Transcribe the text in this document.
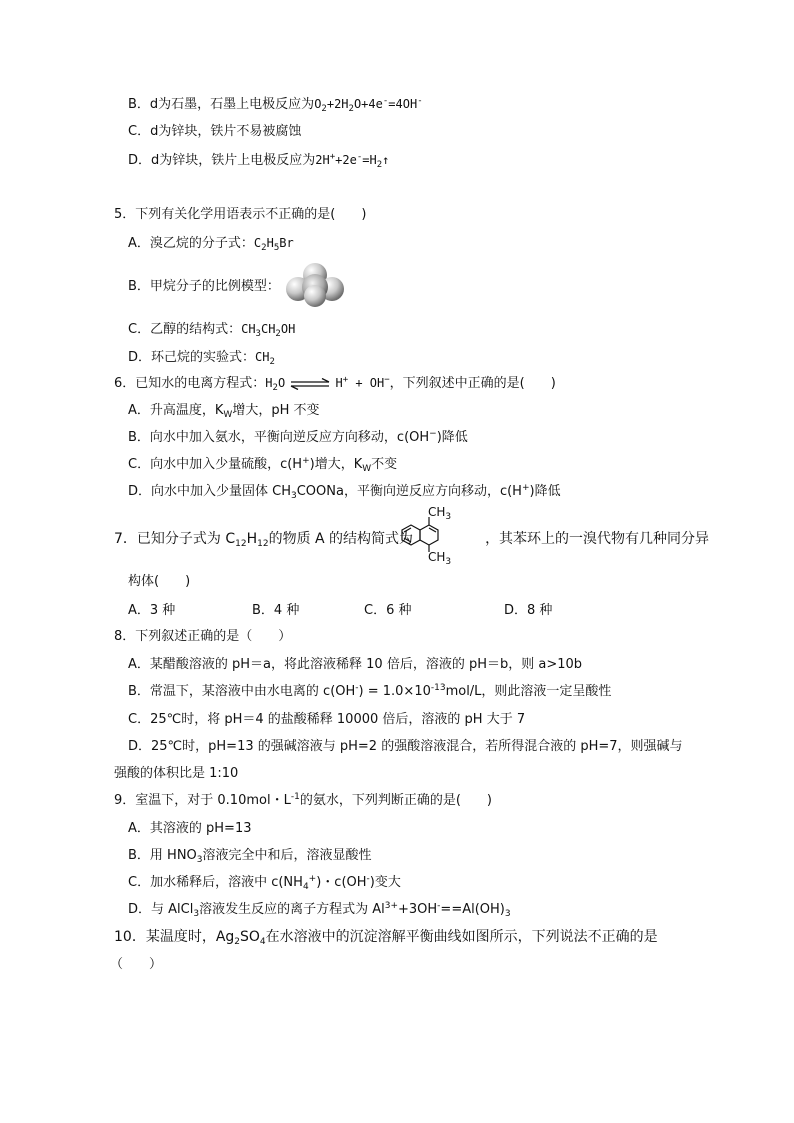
B．d为石墨，石墨上电极反应为$O_2+2H_2O+4e^-=4OH^-$
C．d为锌块，铁片不易被腐蚀
D．d为锌块，铁片上电极反应为$2H^++2e^-=H_2↑$
5．下列有关化学用语表示不正确的是(　　)
A．溴乙烷的分子式：$C_2H_5Br$
B．甲烷分子的比例模型：
C．乙醇的结构式：$CH_3CH_2OH$
D．环己烷的实验式：$CH_2$
6．已知水的电离方程式：$H_2O$ ⇌ H+ + OH−，下列叙述中正确的是(　　)
A．升高温度，$K_W$增大，pH 不变
B．向水中加入氨水，平衡向逆反应方向移动，c(OH−)降低
C．向水中加入少量硫酸，c(H+)增大，$K_W$不变
D．向水中加入少量固体 $CH_3COONa$，平衡向逆反应方向移动，c(H+)降低
7．已知分子式为 $C_{12}H_{12}$的物质 A 的结构简式为	，其苯环上的一溴代物有几种同分异
$CH_3$
$CH_3$
构体(　　)
A．3 种	B．4 种	C．6 种	D．8 种
8．下列叙述正确的是（　　）
A．某醋酸溶液的 pH＝a，将此溶液稀释 10 倍后，溶液的 pH＝b，则 a>10b
B．常温下，某溶液中由水电离的 $c(OH^-) = 1.0\times 10^{-13}mol/L$，则此溶液一定呈酸性
C．25℃时，将 pH＝4 的盐酸稀释 10000 倍后，溶液的 pH 大于 7
D．25℃时，pH=13 的强碱溶液与 pH=2 的强酸溶液混合，若所得混合液的 pH=7，则强碱与
强酸的体积比是 1:10
9．室温下，对于 0.10mol・$L^{-1}$的氨水，下列判断正确的是(　　)
A．其溶液的 pH=13
B．用 $HNO_3$溶液完全中和后，溶液显酸性
C．加水稀释后，溶液中 $c(NH_4^+)$・c(OH-)变大
D．与 AlCl$_3$溶液发生反应的离子方程式为 $Al^{3+}+3OH^-==Al(OH)_3$
10．某温度时，$Ag_2SO_4$在水溶液中的沉淀溶解平衡曲线如图所示，下列说法不正确的是
（　　）
